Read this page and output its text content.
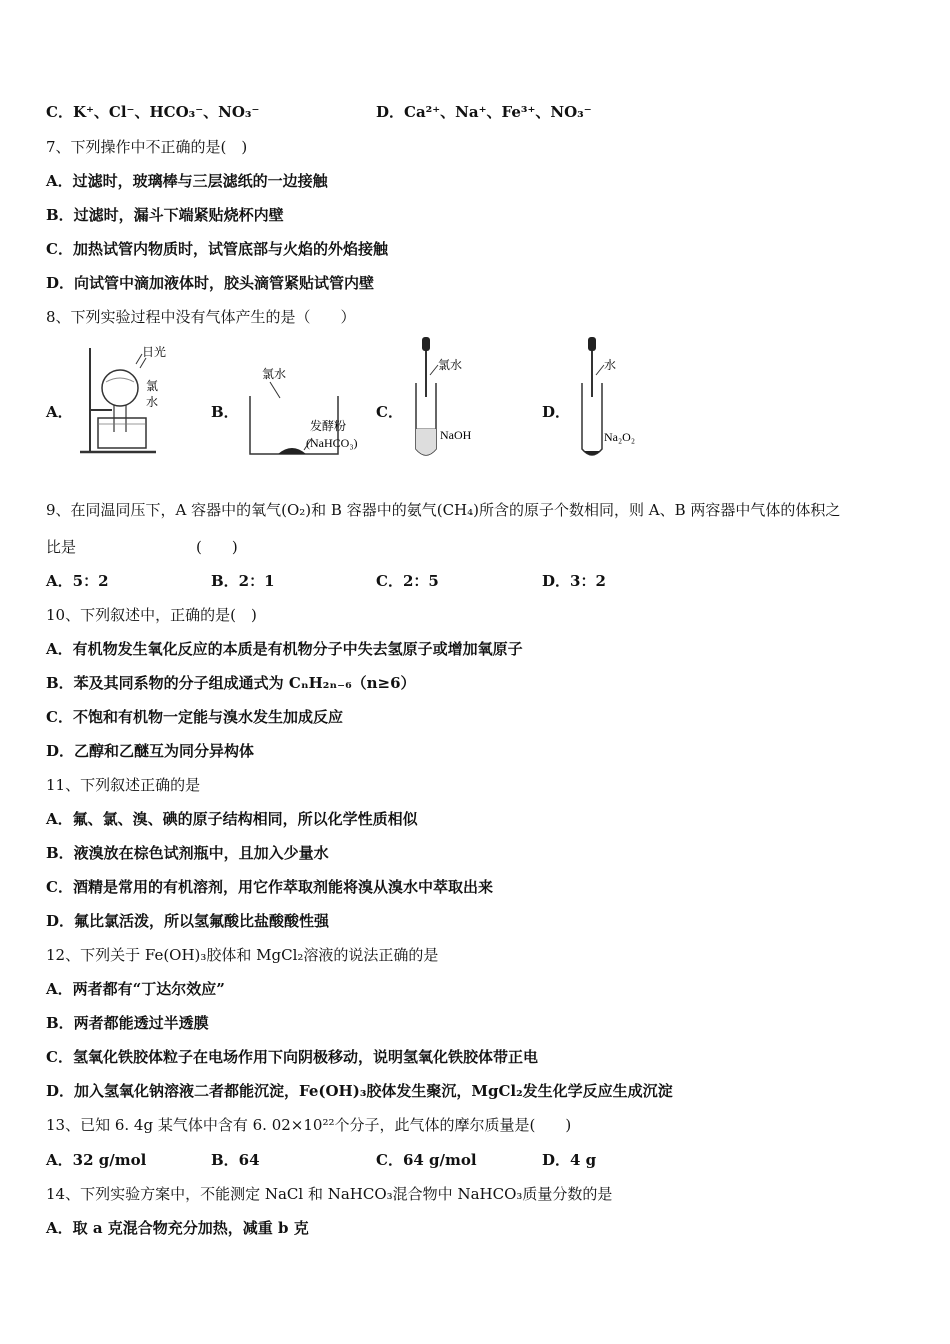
C．K⁺、Cl⁻、HCO₃⁻、NO₃⁻	D．Ca²⁺、Na⁺、Fe³⁺、NO₃⁻
7、下列操作中不正确的是(　)
A．过滤时，玻璃棒与三层滤纸的一边接触
B．过滤时，漏斗下端紧贴烧杯内壁
C．加热试管内物质时，试管底部与火焰的外焰接触
D．向试管中滴加液体时，胶头滴管紧贴试管内壁
8、下列实验过程中没有气体产生的是（　　）
A．	B．	C．	D．
日光
氯
水
氯水
发酵粉
(NaHCO₃)
氯水
NaOH
水
Na₂O₂
9、在同温同压下，A 容器中的氧气(O₂)和 B 容器中的氨气(CH₄)所含的原子个数相同，则 A、B 两容器中气体的体积之
比是	(　　)
A．5：2	B．2：1	C．2：5	D．3：2
10、下列叙述中，正确的是(　)
A．有机物发生氧化反应的本质是有机物分子中失去氢原子或增加氧原子
B．苯及其同系物的分子组成通式为 CₙH₂ₙ₋₆（n≥6）
C．不饱和有机物一定能与溴水发生加成反应
D．乙醇和乙醚互为同分异构体
11、下列叙述正确的是
A．氟、氯、溴、碘的原子结构相同，所以化学性质相似
B．液溴放在棕色试剂瓶中，且加入少量水
C．酒精是常用的有机溶剂，用它作萃取剂能将溴从溴水中萃取出来
D．氟比氯活泼，所以氢氟酸比盐酸酸性强
12、下列关于 Fe(OH)₃胶体和 MgCl₂溶液的说法正确的是
A．两者都有“丁达尔效应”
B．两者都能透过半透膜
C．氢氧化铁胶体粒子在电场作用下向阴极移动，说明氢氧化铁胶体带正电
D．加入氢氧化钠溶液二者都能沉淀，Fe(OH)₃胶体发生聚沉，MgCl₂发生化学反应生成沉淀
13、已知 6. 4g 某气体中含有 6. 02×10²²个分子，此气体的摩尔质量是(　　)
A．32 g/mol	B．64	C．64 g/mol	D．4 g
14、下列实验方案中，不能测定 NaCl 和 NaHCO₃混合物中 NaHCO₃质量分数的是
A．取 a 克混合物充分加热，减重 b 克
